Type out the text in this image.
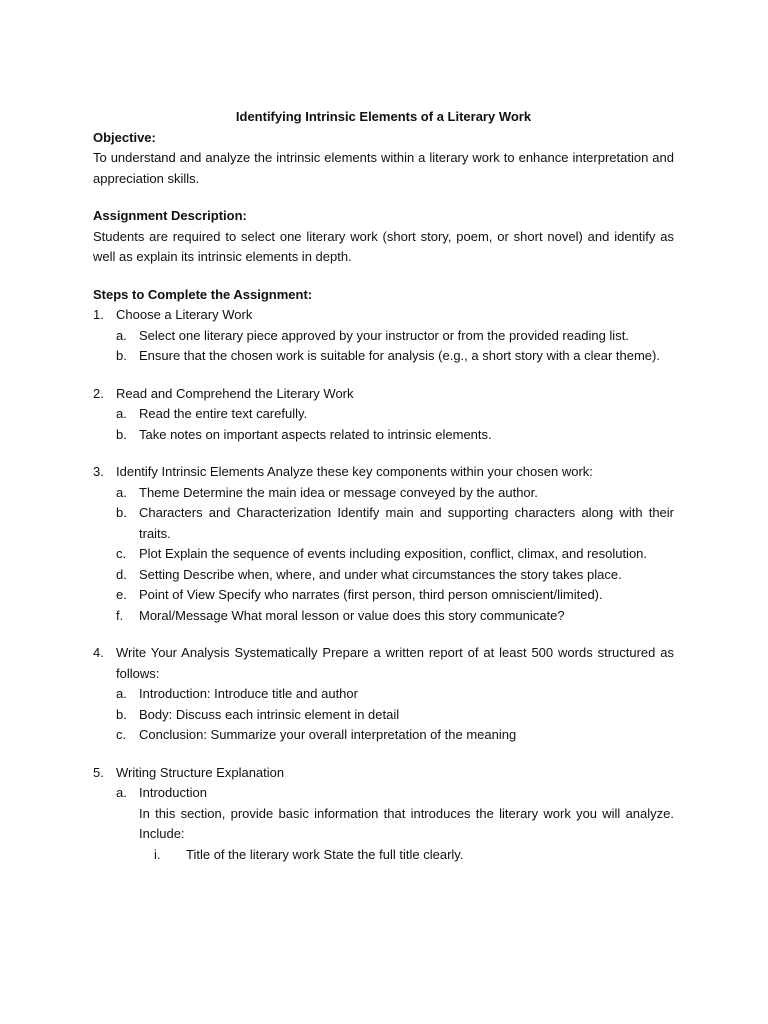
Identifying Intrinsic Elements of a Literary Work

Objective:

To understand and analyze the intrinsic elements within a literary work to enhance interpretation and appreciation skills.

Assignment Description:

Students are required to select one literary work (short story, poem, or short novel) and identify as well as explain its intrinsic elements in depth.

Steps to Complete the Assignment:

1. Choose a Literary Work
a. Select one literary piece approved by your instructor or from the provided reading list.
b. Ensure that the chosen work is suitable for analysis (e.g., a short story with a clear theme).
2. Read and Comprehend the Literary Work
a. Read the entire text carefully.
b. Take notes on important aspects related to intrinsic elements.
3. Identify Intrinsic Elements Analyze these key components within your chosen work:
a. Theme Determine the main idea or message conveyed by the author.
b. Characters and Characterization Identify main and supporting characters along with their traits.
c. Plot Explain the sequence of events including exposition, conflict, climax, and resolution.
d. Setting Describe when, where, and under what circumstances the story takes place.
e. Point of View Specify who narrates (first person, third person omniscient/limited).
f. Moral/Message What moral lesson or value does this story communicate?
4. Write Your Analysis Systematically Prepare a written report of at least 500 words structured as follows:
a. Introduction: Introduce title and author
b. Body: Discuss each intrinsic element in detail
c. Conclusion: Summarize your overall interpretation of the meaning
5. Writing Structure Explanation
a. Introduction
In this section, provide basic information that introduces the literary work you will analyze. Include:
i. Title of the literary work State the full title clearly.
